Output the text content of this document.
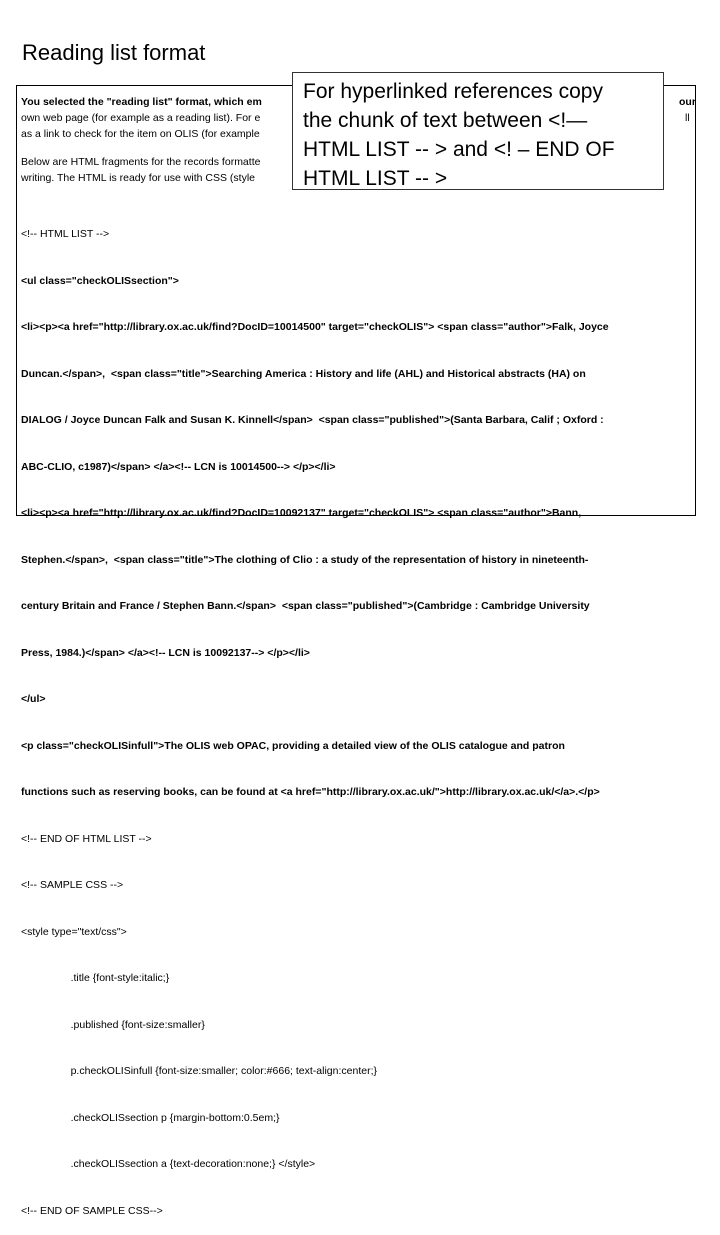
Reading list format
You selected the "reading list" format, which em	our
own web page (for example as a reading list). For e	ll
as a link to check for the item on OLIS (for example
Below are HTML fragments for the records formatte
writing. The HTML is ready for use with CSS (style

<!-- HTML LIST -->

<ul class="checkOLISsection">

<li><p><a href="http://library.ox.ac.uk/find?DocID=10014500" target="checkOLIS"> <span class="author">Falk, Joyce

Duncan.</span>,  <span class="title">Searching America : History and life (AHL) and Historical abstracts (HA) on

DIALOG / Joyce Duncan Falk and Susan K. Kinnell</span>  <span class="published">(Santa Barbara, Calif ; Oxford :

ABC-CLIO, c1987)</span> </a><!-- LCN is 10014500--> </p></li>

<li><p><a href="http://library.ox.ac.uk/find?DocID=10092137" target="checkOLIS"> <span class="author">Bann,

Stephen.</span>,  <span class="title">The clothing of Clio : a study of the representation of history in nineteenth-

century Britain and France / Stephen Bann.</span>  <span class="published">(Cambridge : Cambridge University

Press, 1984.)</span> </a><!-- LCN is 10092137--> </p></li>

</ul>

<p class="checkOLISinfull">The OLIS web OPAC, providing a detailed view of the OLIS catalogue and patron

functions such as reserving books, can be found at <a href="http://library.ox.ac.uk/">http://library.ox.ac.uk/</a>.</p>

<!-- END OF HTML LIST -->

<!-- SAMPLE CSS -->

<style type="text/css">

.title {font-style:italic;}

.published {font-size:smaller}

p.checkOLISinfull {font-size:smaller; color:#666; text-align:center;}

.checkOLISsection p {margin-bottom:0.5em;}

.checkOLISsection a {text-decoration:none;} </style>

<!-- END OF SAMPLE CSS-->

For hyperlinked references copy
the chunk of text between <!—
HTML LIST -- > and <! – END OF
HTML LIST -- >
